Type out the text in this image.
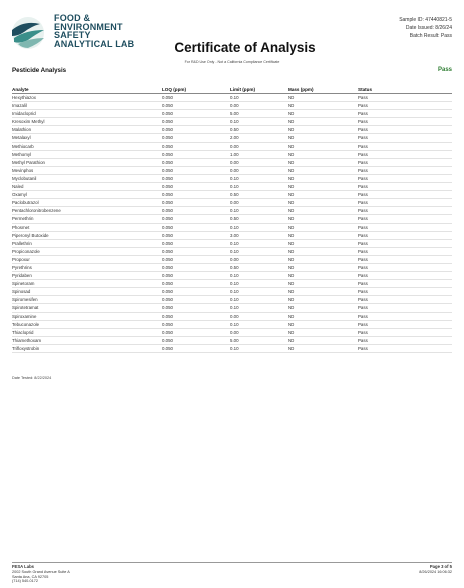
FOOD &
ENVIRONMENT
SAFETY
ANALYTICAL LAB	Certificate of Analysis
Sample ID: 47440821-5
Date Issued: 8/26/24
Batch Result: Pass
For R&D Use Only - Not a California Compliance Certificate
Pesticide Analysis	Pass
Analyte	LOQ (ppm)	Limit (ppm)	Mass (ppm)	Status
Hexythiazox	0.050	0.10	ND	Pass
Imazalil	0.050	0.00	ND	Pass
Imidacloprid	0.050	5.00	ND	Pass
Kresoxim Methyl	0.050	0.10	ND	Pass
Malathion	0.050	0.50	ND	Pass
Metalaxyl	0.050	2.00	ND	Pass
Methiocarb	0.050	0.00	ND	Pass
Methomyl	0.050	1.00	ND	Pass
Methyl Parathion	0.050	0.00	ND	Pass
Mevinphos	0.050	0.00	ND	Pass
Myclobutanil	0.050	0.10	ND	Pass
Naled	0.050	0.10	ND	Pass
Oxamyl	0.050	0.50	ND	Pass
Paclobutrazol	0.050	0.00	ND	Pass
Pentachloronitrobenzene	0.050	0.10	ND	Pass
Permethrin	0.050	0.50	ND	Pass
Phosmet	0.050	0.10	ND	Pass
Piperonyl Butoxide	0.050	3.00	ND	Pass
Prallethrin	0.050	0.10	ND	Pass
Propiconazole	0.050	0.10	ND	Pass
Propoxur	0.050	0.00	ND	Pass
Pyrethrins	0.050	0.50	ND	Pass
Pyridaben	0.050	0.10	ND	Pass
Spinetoram	0.050	0.10	ND	Pass
Spinosad	0.050	0.10	ND	Pass
Spiromesifen	0.050	0.10	ND	Pass
Spirotetramat	0.050	0.10	ND	Pass
Spiroxamine	0.050	0.00	ND	Pass
Tebuconazole	0.050	0.10	ND	Pass
Thiacloprid	0.050	0.00	ND	Pass
Thiamethoxam	0.050	5.00	ND	Pass
Trifloxystrobin	0.050	0.10	ND	Pass
Date Tested: 8/22/2024
FESA Labs
2002 South Grand Avenue Suite A
Santa Ana, CA 92705
(714) 540-0172
Page 3 of 5
8/26/2024 16:06:32
